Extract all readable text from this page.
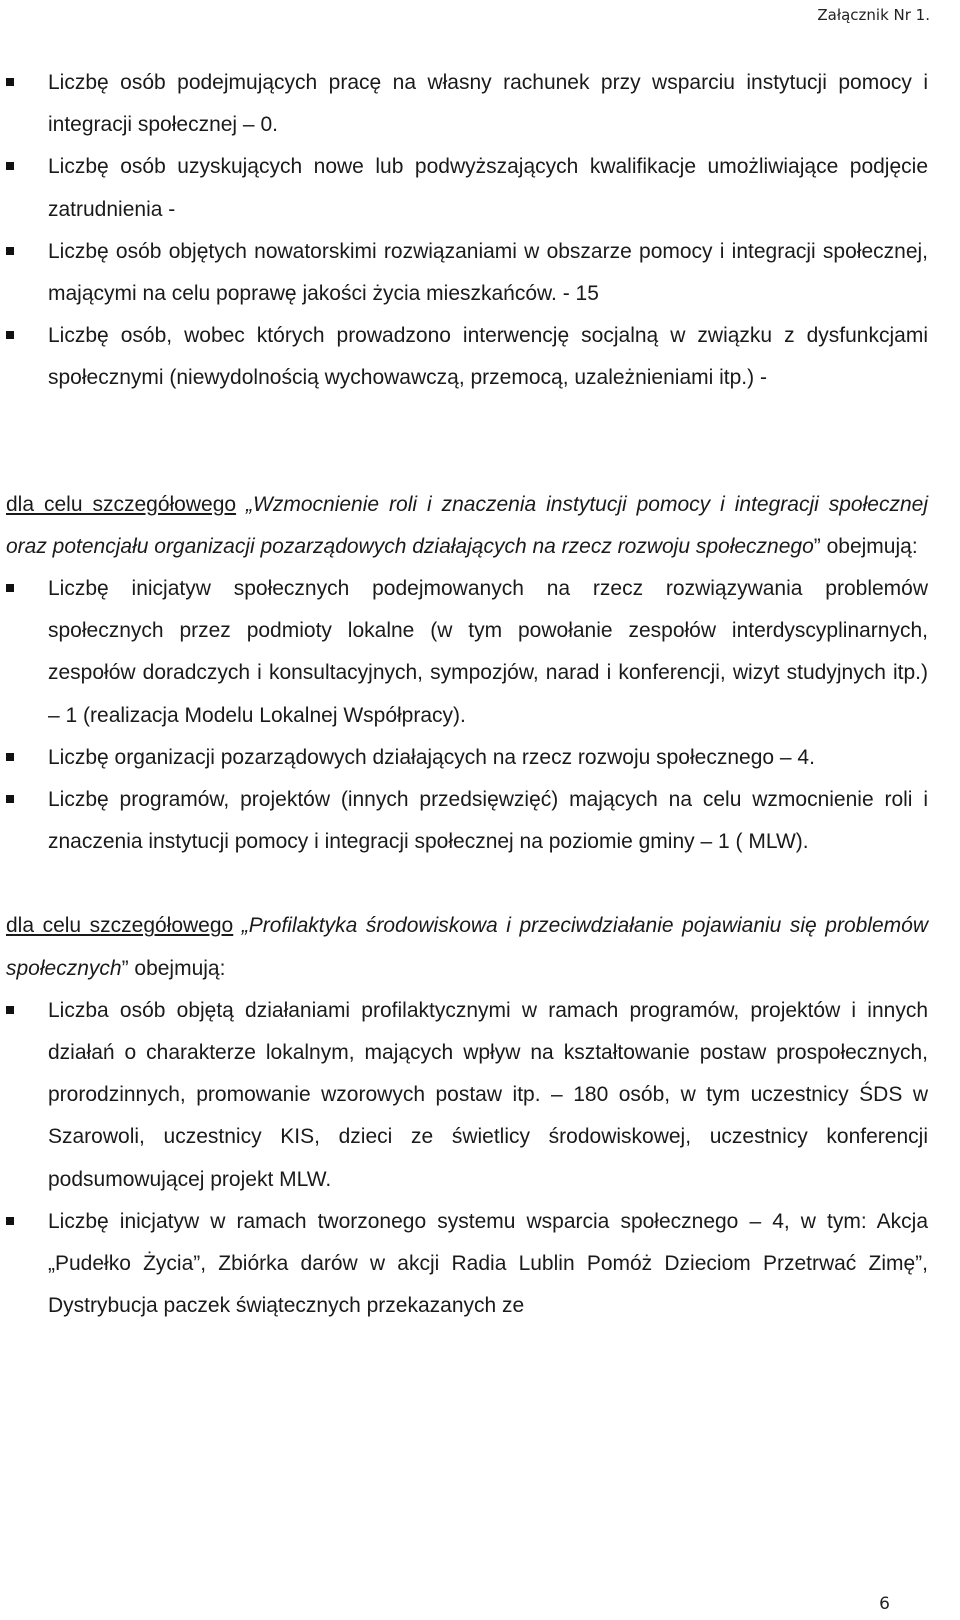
Załącznik Nr 1.
Liczbę osób podejmujących pracę na własny rachunek przy wsparciu instytucji pomocy i integracji społecznej – 0.
Liczbę osób uzyskujących nowe lub podwyższających kwalifikacje umożliwiające podjęcie zatrudnienia -
Liczbę osób objętych nowatorskimi rozwiązaniami w obszarze pomocy i integracji społecznej, mającymi na celu poprawę jakości życia mieszkańców. - 15
Liczbę osób, wobec których prowadzono interwencję socjalną w związku z dysfunkcjami społecznymi (niewydolnością wychowawczą, przemocą, uzależnieniami itp.) -

dla celu szczegółowego „Wzmocnienie roli i znaczenia instytucji pomocy i integracji społecznej oraz potencjału organizacji pozarządowych działających na rzecz rozwoju społecznego” obejmują:

Liczbę inicjatyw społecznych podejmowanych na rzecz rozwiązywania problemów społecznych przez podmioty lokalne (w tym powołanie zespołów interdyscyplinarnych, zespołów doradczych i konsultacyjnych, sympozjów, narad i konferencji, wizyt studyjnych itp.) – 1 (realizacja Modelu Lokalnej Współpracy).
Liczbę organizacji pozarządowych działających na rzecz rozwoju społecznego – 4.
Liczbę programów, projektów (innych przedsięwzięć) mających na celu wzmocnienie roli i znaczenia instytucji pomocy i integracji społecznej na poziomie gminy – 1 ( MLW).

dla celu szczegółowego „Profilaktyka środowiskowa i przeciwdziałanie pojawianiu się problemów społecznych” obejmują:

Liczba osób objętą działaniami profilaktycznymi w ramach programów, projektów i innych działań o charakterze lokalnym, mających wpływ na kształtowanie postaw prospołecznych, prorodzinnych, promowanie wzorowych postaw itp. – 180 osób, w tym uczestnicy ŚDS w Szarowoli, uczestnicy KIS, dzieci ze świetlicy środowiskowej, uczestnicy konferencji podsumowującej projekt MLW.
Liczbę inicjatyw w ramach tworzonego systemu wsparcia społecznego – 4, w tym: Akcja „Pudełko Życia”, Zbiórka darów w akcji Radia Lublin Pomóż Dzieciom Przetrwać Zimę”, Dystrybucja paczek świątecznych przekazanych ze
6
